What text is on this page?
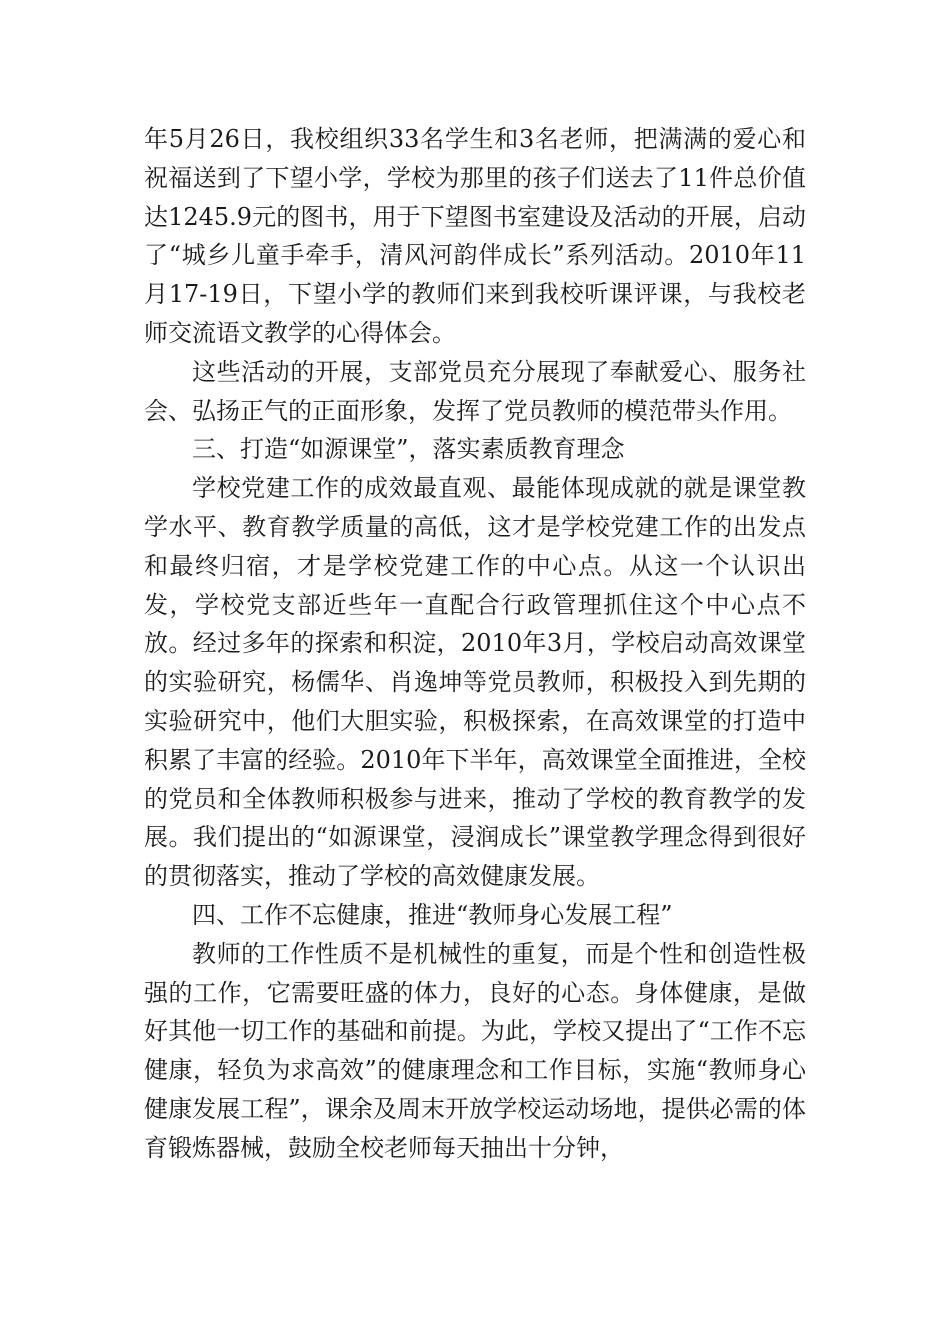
年5月26日，我校组织33名学生和3名老师，把满满的爱心和祝福送到了下望小学，学校为那里的孩子们送去了11件总价值达1245.9元的图书，用于下望图书室建设及活动的开展，启动了“城乡儿童手牵手，清风河韵伴成长”系列活动。2010年11月17-19日，下望小学的教师们来到我校听课评课，与我校老师交流语文教学的心得体会。

这些活动的开展，支部党员充分展现了奉献爱心、服务社会、弘扬正气的正面形象，发挥了党员教师的模范带头作用。

三、打造“如源课堂”，落实素质教育理念

学校党建工作的成效最直观、最能体现成就的就是课堂教学水平、教育教学质量的高低，这才是学校党建工作的出发点和最终归宿，才是学校党建工作的中心点。从这一个认识出发，学校党支部近些年一直配合行政管理抓住这个中心点不放。经过多年的探索和积淀，2010年3月，学校启动高效课堂的实验研究，杨儒华、肖逸坤等党员教师，积极投入到先期的实验研究中，他们大胆实验，积极探索，在高效课堂的打造中积累了丰富的经验。2010年下半年，高效课堂全面推进，全校的党员和全体教师积极参与进来，推动了学校的教育教学的发展。我们提出的“如源课堂，浸润成长”课堂教学理念得到很好的贯彻落实，推动了学校的高效健康发展。

四、工作不忘健康，推进“教师身心发展工程”

教师的工作性质不是机械性的重复，而是个性和创造性极强的工作，它需要旺盛的体力，良好的心态。身体健康，是做好其他一切工作的基础和前提。为此，学校又提出了“工作不忘健康，轻负为求高效”的健康理念和工作目标，实施“教师身心健康发展工程”，课余及周末开放学校运动场地，提供必需的体育锻炼器械，鼓励全校老师每天抽出十分钟，
